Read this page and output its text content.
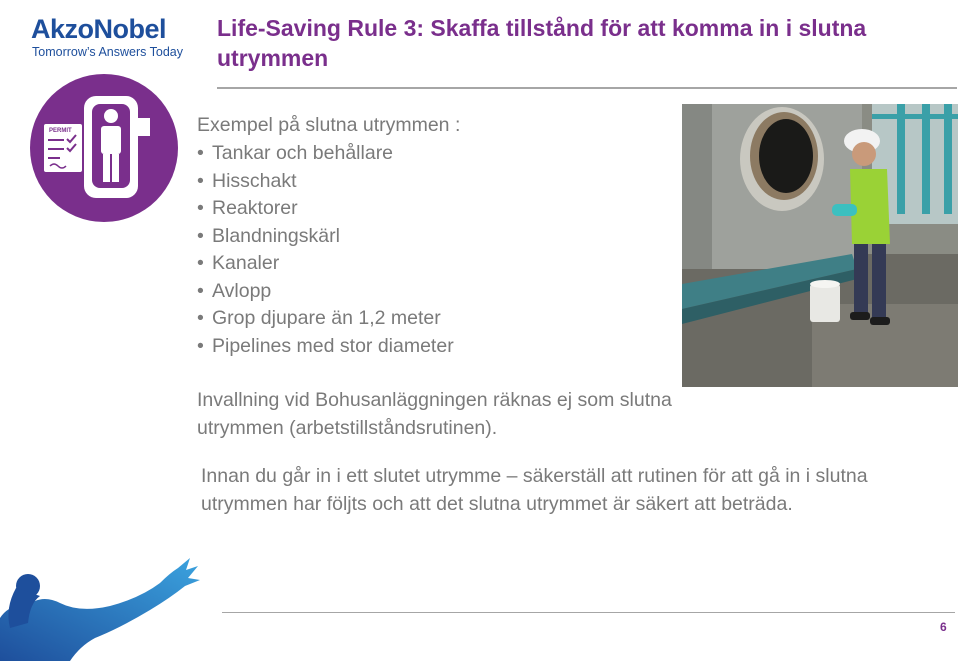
AkzoNobel
Tomorrow’s Answers Today
Life-Saving Rule 3: Skaffa tillstånd för att komma in i slutna utrymmen
PERMIT	Exempel på slutna utrymmen :
• Tankar och behållare
• Hisschakt
• Reaktorer
• Blandningskärl
• Kanaler
• Avlopp
• Grop djupare än 1,2 meter
• Pipelines med stor diameter
Invallning vid Bohusanläggningen räknas ej som slutna utrymmen (arbetstillståndsrutinen).
Innan du går in i ett slutet utrymme – säkerställ att rutinen för att gå in i slutna utrymmen har följts och att det slutna utrymmet är säkert att beträda.
6
